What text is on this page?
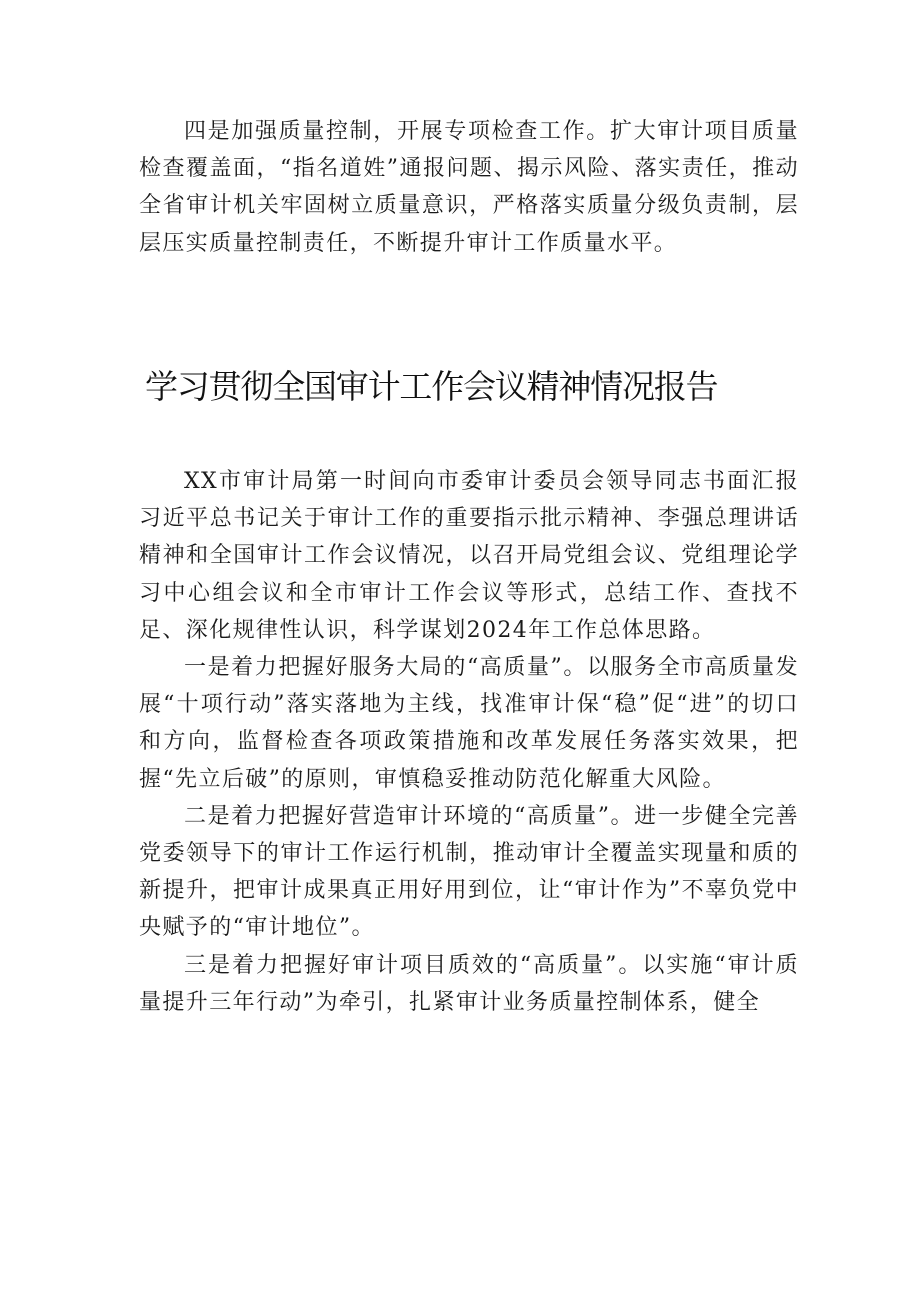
四是加强质量控制，开展专项检查工作。扩大审计项目质量检查覆盖面，“指名道姓”通报问题、揭示风险、落实责任，推动全省审计机关牢固树立质量意识，严格落实质量分级负责制，层层压实质量控制责任，不断提升审计工作质量水平。

学习贯彻全国审计工作会议精神情况报告

XX市审计局第一时间向市委审计委员会领导同志书面汇报习近平总书记关于审计工作的重要指示批示精神、李强总理讲话精神和全国审计工作会议情况，以召开局党组会议、党组理论学习中心组会议和全市审计工作会议等形式，总结工作、查找不足、深化规律性认识，科学谋划2024年工作总体思路。

一是着力把握好服务大局的“高质量”。以服务全市高质量发展“十项行动”落实落地为主线，找准审计保“稳”促“进”的切口和方向，监督检查各项政策措施和改革发展任务落实效果，把握“先立后破”的原则，审慎稳妥推动防范化解重大风险。

二是着力把握好营造审计环境的“高质量”。进一步健全完善党委领导下的审计工作运行机制，推动审计全覆盖实现量和质的新提升，把审计成果真正用好用到位，让“审计作为”不辜负党中央赋予的“审计地位”。

三是着力把握好审计项目质效的“高质量”。以实施“审计质量提升三年行动”为牵引，扎紧审计业务质量控制体系，健全
